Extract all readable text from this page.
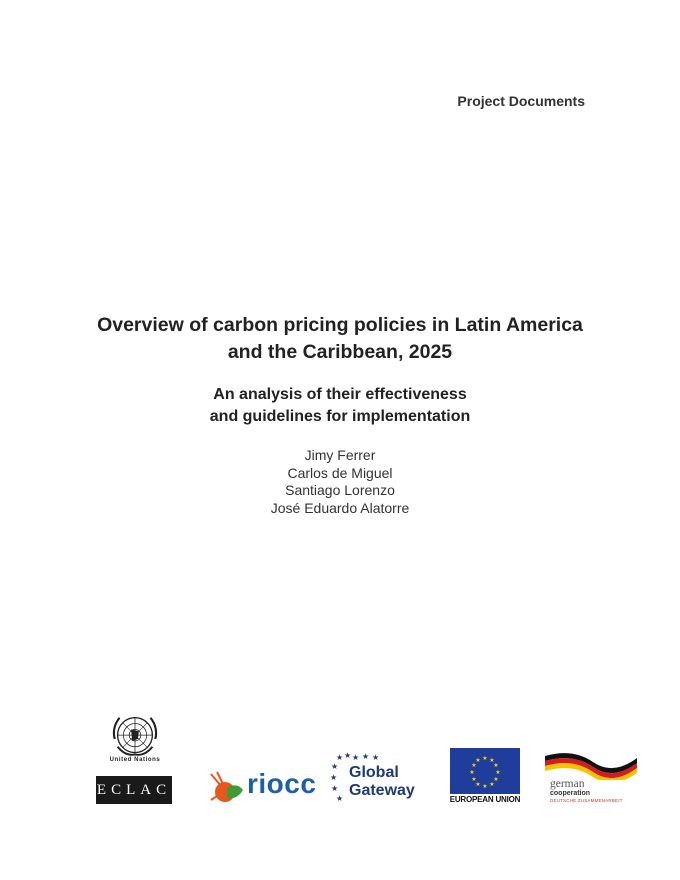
Project Documents
Overview of carbon pricing policies in Latin America
and the Caribbean, 2025
An analysis of their effectiveness
and guidelines for implementation
Jimy Ferrer
Carlos de Miguel
Santiago Lorenzo
José Eduardo Alatorre
United Nations
ECLAC	riocc
★ ★
★
★
★
★
★ ★ ★
Global
Gateway
★ ★
★
★
★
★
★
★
★
★
★
★
EUROPEAN UNION
german
cooperation
DEUTSCHE ZUSAMMENARBEIT
